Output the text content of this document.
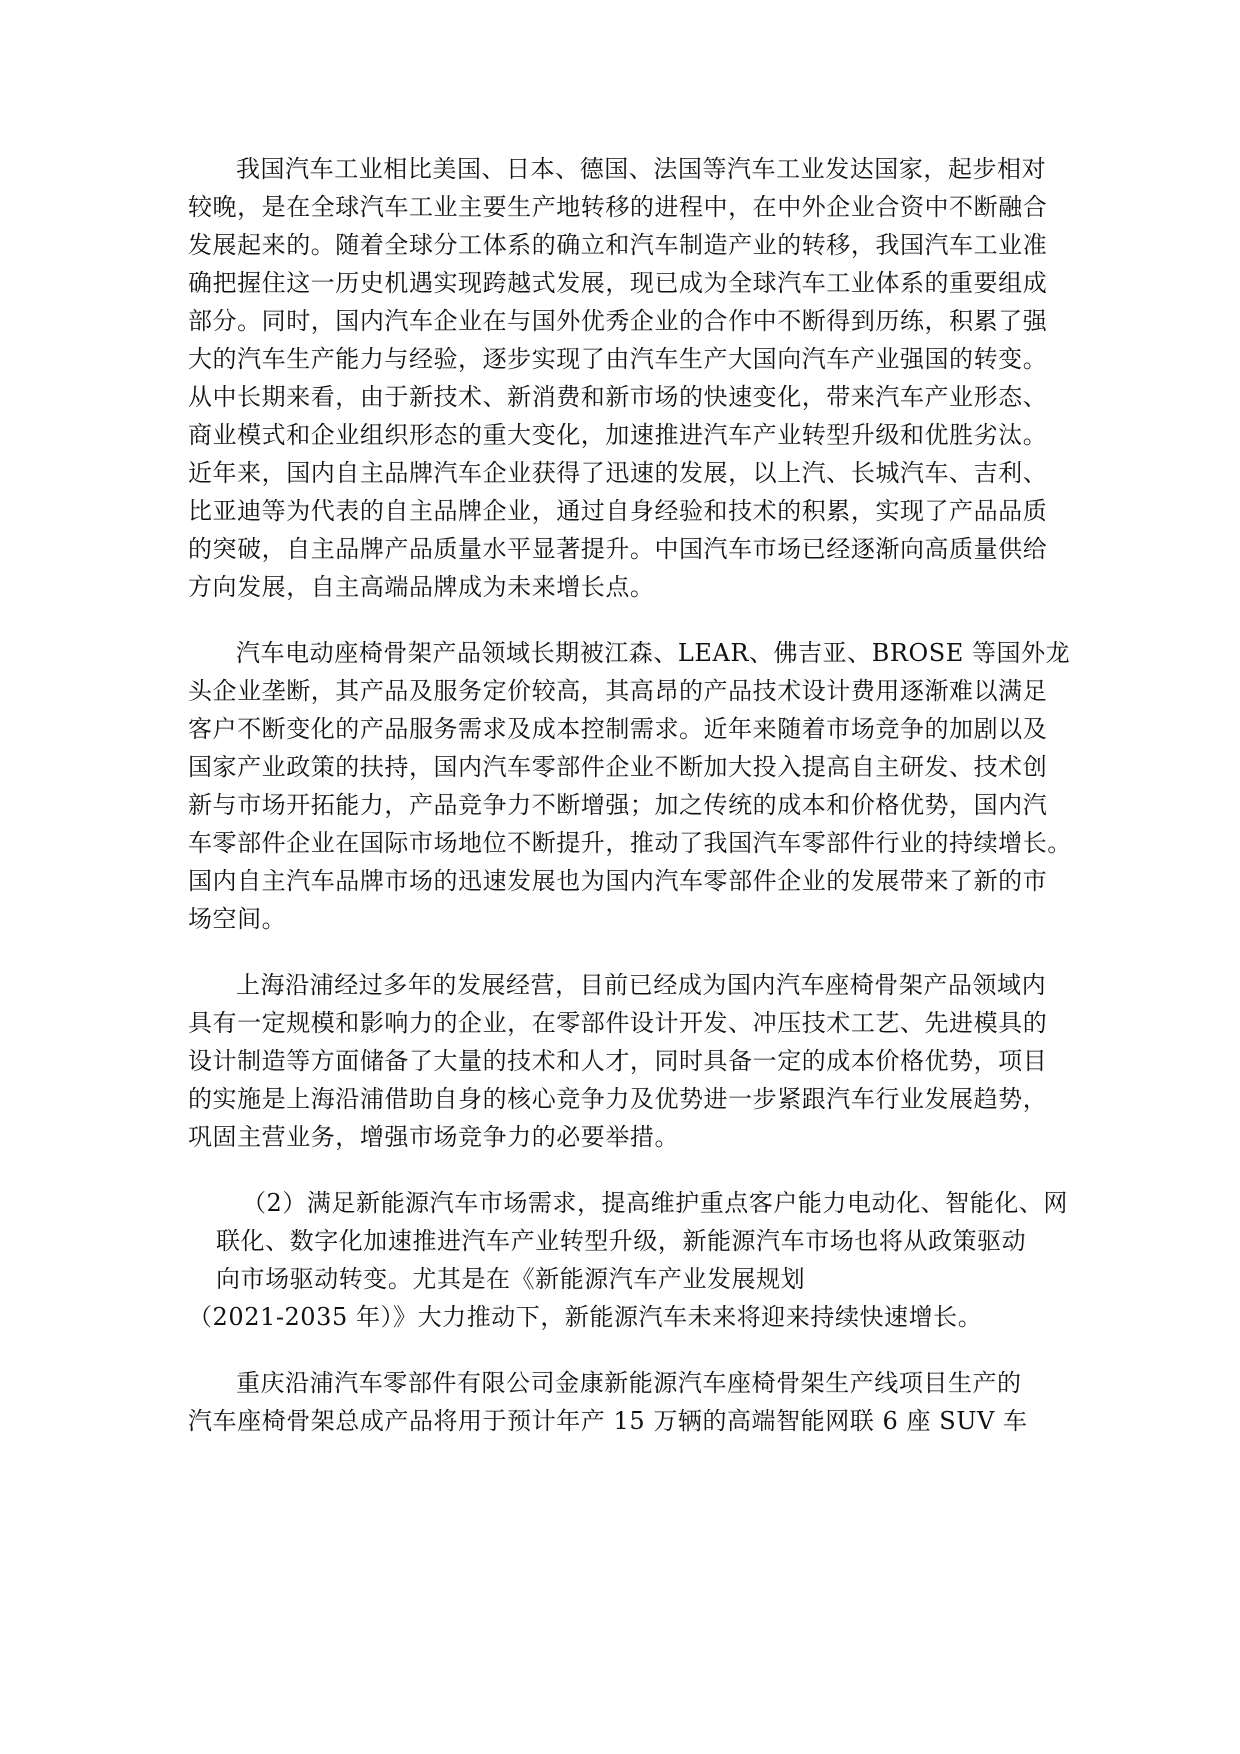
我国汽车工业相比美国、日本、德国、法国等汽车工业发达国家，起步相对
较晚，是在全球汽车工业主要生产地转移的进程中，在中外企业合资中不断融合
发展起来的。随着全球分工体系的确立和汽车制造产业的转移，我国汽车工业准
确把握住这一历史机遇实现跨越式发展，现已成为全球汽车工业体系的重要组成
部分。同时，国内汽车企业在与国外优秀企业的合作中不断得到历练，积累了强
大的汽车生产能力与经验，逐步实现了由汽车生产大国向汽车产业强国的转变。
从中长期来看，由于新技术、新消费和新市场的快速变化，带来汽车产业形态、
商业模式和企业组织形态的重大变化，加速推进汽车产业转型升级和优胜劣汰。
近年来，国内自主品牌汽车企业获得了迅速的发展，以上汽、长城汽车、吉利、
比亚迪等为代表的自主品牌企业，通过自身经验和技术的积累，实现了产品品质
的突破，自主品牌产品质量水平显著提升。中国汽车市场已经逐渐向高质量供给
方向发展，自主高端品牌成为未来增长点。
汽车电动座椅骨架产品领域长期被江森、LEAR、佛吉亚、BROSE 等国外龙
头企业垄断，其产品及服务定价较高，其高昂的产品技术设计费用逐渐难以满足
客户不断变化的产品服务需求及成本控制需求。近年来随着市场竞争的加剧以及
国家产业政策的扶持，国内汽车零部件企业不断加大投入提高自主研发、技术创
新与市场开拓能力，产品竞争力不断增强；加之传统的成本和价格优势，国内汽
车零部件企业在国际市场地位不断提升，推动了我国汽车零部件行业的持续增长。
国内自主汽车品牌市场的迅速发展也为国内汽车零部件企业的发展带来了新的市
场空间。
上海沿浦经过多年的发展经营，目前已经成为国内汽车座椅骨架产品领域内
具有一定规模和影响力的企业，在零部件设计开发、冲压技术工艺、先进模具的
设计制造等方面储备了大量的技术和人才，同时具备一定的成本价格优势，项目
的实施是上海沿浦借助自身的核心竞争力及优势进一步紧跟汽车行业发展趋势，
巩固主营业务，增强市场竞争力的必要举措。
（2）满足新能源汽车市场需求，提高维护重点客户能力电动化、智能化、网
联化、数字化加速推进汽车产业转型升级，新能源汽车市场也将从政策驱动
向市场驱动转变。尤其是在《新能源汽车产业发展规划
（2021-2035 年）》大力推动下，新能源汽车未来将迎来持续快速增长。
重庆沿浦汽车零部件有限公司金康新能源汽车座椅骨架生产线项目生产的
汽车座椅骨架总成产品将用于预计年产 15 万辆的高端智能网联 6 座 SUV 车
